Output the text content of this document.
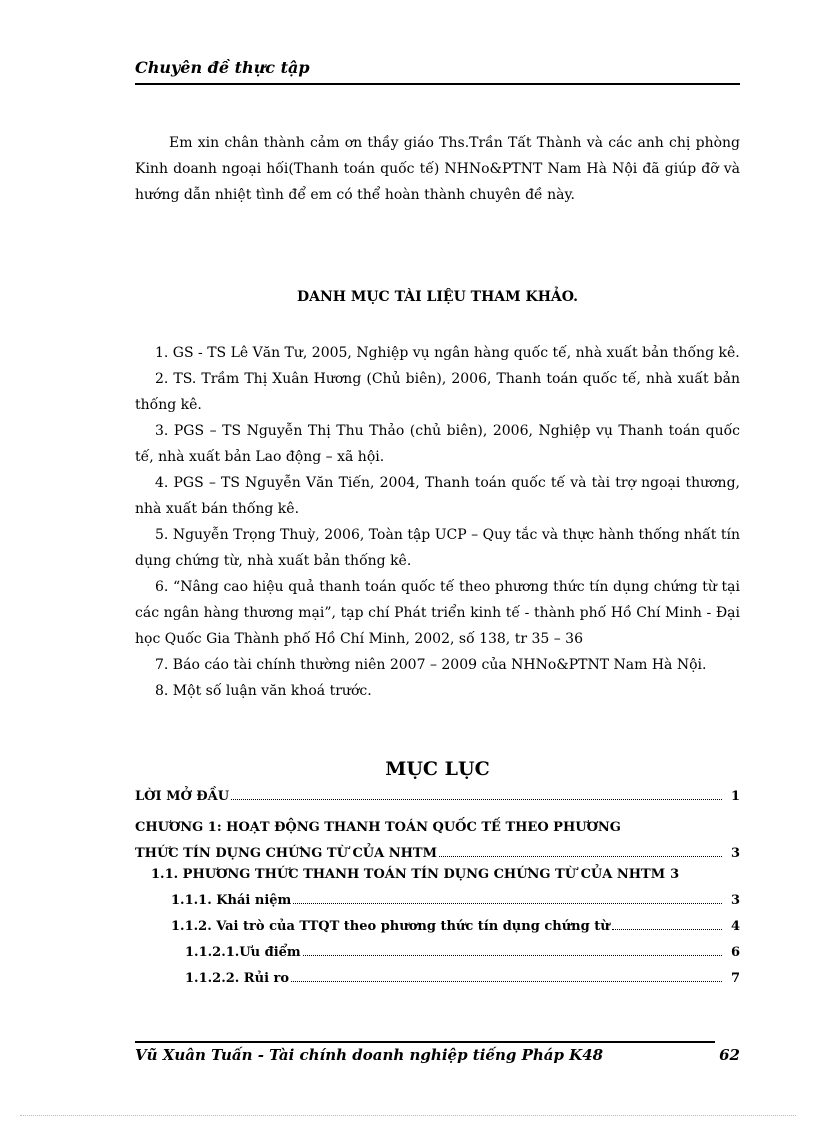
Chuyên đề thực tập
Em xin chân thành cảm ơn thầy giáo Ths.Trần Tất Thành và các anh chị phòng Kinh doanh ngoại hối(Thanh toán quốc tế) NHNo&PTNT Nam Hà Nội đã giúp đỡ và hướng dẫn nhiệt tình để em có thể hoàn thành chuyên đề này.
DANH MỤC TÀI LIỆU THAM KHẢO.

1. GS - TS Lê Văn Tư, 2005, Nghiệp vụ ngân hàng quốc tế, nhà xuất bản thống kê.

2. TS. Trầm Thị Xuân Hương (Chủ biên), 2006, Thanh toán quốc tế, nhà xuất bản thống kê.

3. PGS – TS Nguyễn Thị Thu Thảo (chủ biên), 2006, Nghiệp vụ Thanh toán quốc tế, nhà xuất bản Lao động – xã hội.

4. PGS – TS Nguyễn Văn Tiến, 2004, Thanh toán quốc tế và tài trợ ngoại thương, nhà xuất bán thống kê.

5. Nguyễn Trọng Thuỳ, 2006, Toàn tập UCP – Quy tắc và thực hành thống nhất tín dụng chứng từ, nhà xuất bản thống kê.

6. “Nâng cao hiệu quả thanh toán quốc tế theo phương thức tín dụng chứng từ tại các ngân hàng thương mại”, tạp chí Phát triển kinh tế - thành phố Hồ Chí Minh - Đại học Quốc Gia Thành phố Hồ Chí Minh, 2002, số 138, tr 35 – 36

7. Báo cáo tài chính thường niên 2007 – 2009 của NHNo&PTNT Nam Hà Nội.

8. Một số luận văn khoá trước.

MỤC LỤC
LỜI MỞ ĐẦU	1
CHƯƠNG 1: HOẠT ĐỘNG THANH TOÁN QUỐC TẾ THEO PHƯƠNG
THỨC TÍN DỤNG CHỨNG TỪ CỦA NHTM	3
1.1. PHƯƠNG THỨC THANH TOÁN TÍN DỤNG CHỨNG TỪ CỦA NHTM 3
1.1.1. Khái niệm	3
1.1.2. Vai trò của TTQT theo phương thức tín dụng chứng từ	4
1.1.2.1.Ưu điểm	6
1.1.2.2. Rủi ro	7
Vũ Xuân Tuấn - Tài chính doanh nghiệp tiếng Pháp K48	62
